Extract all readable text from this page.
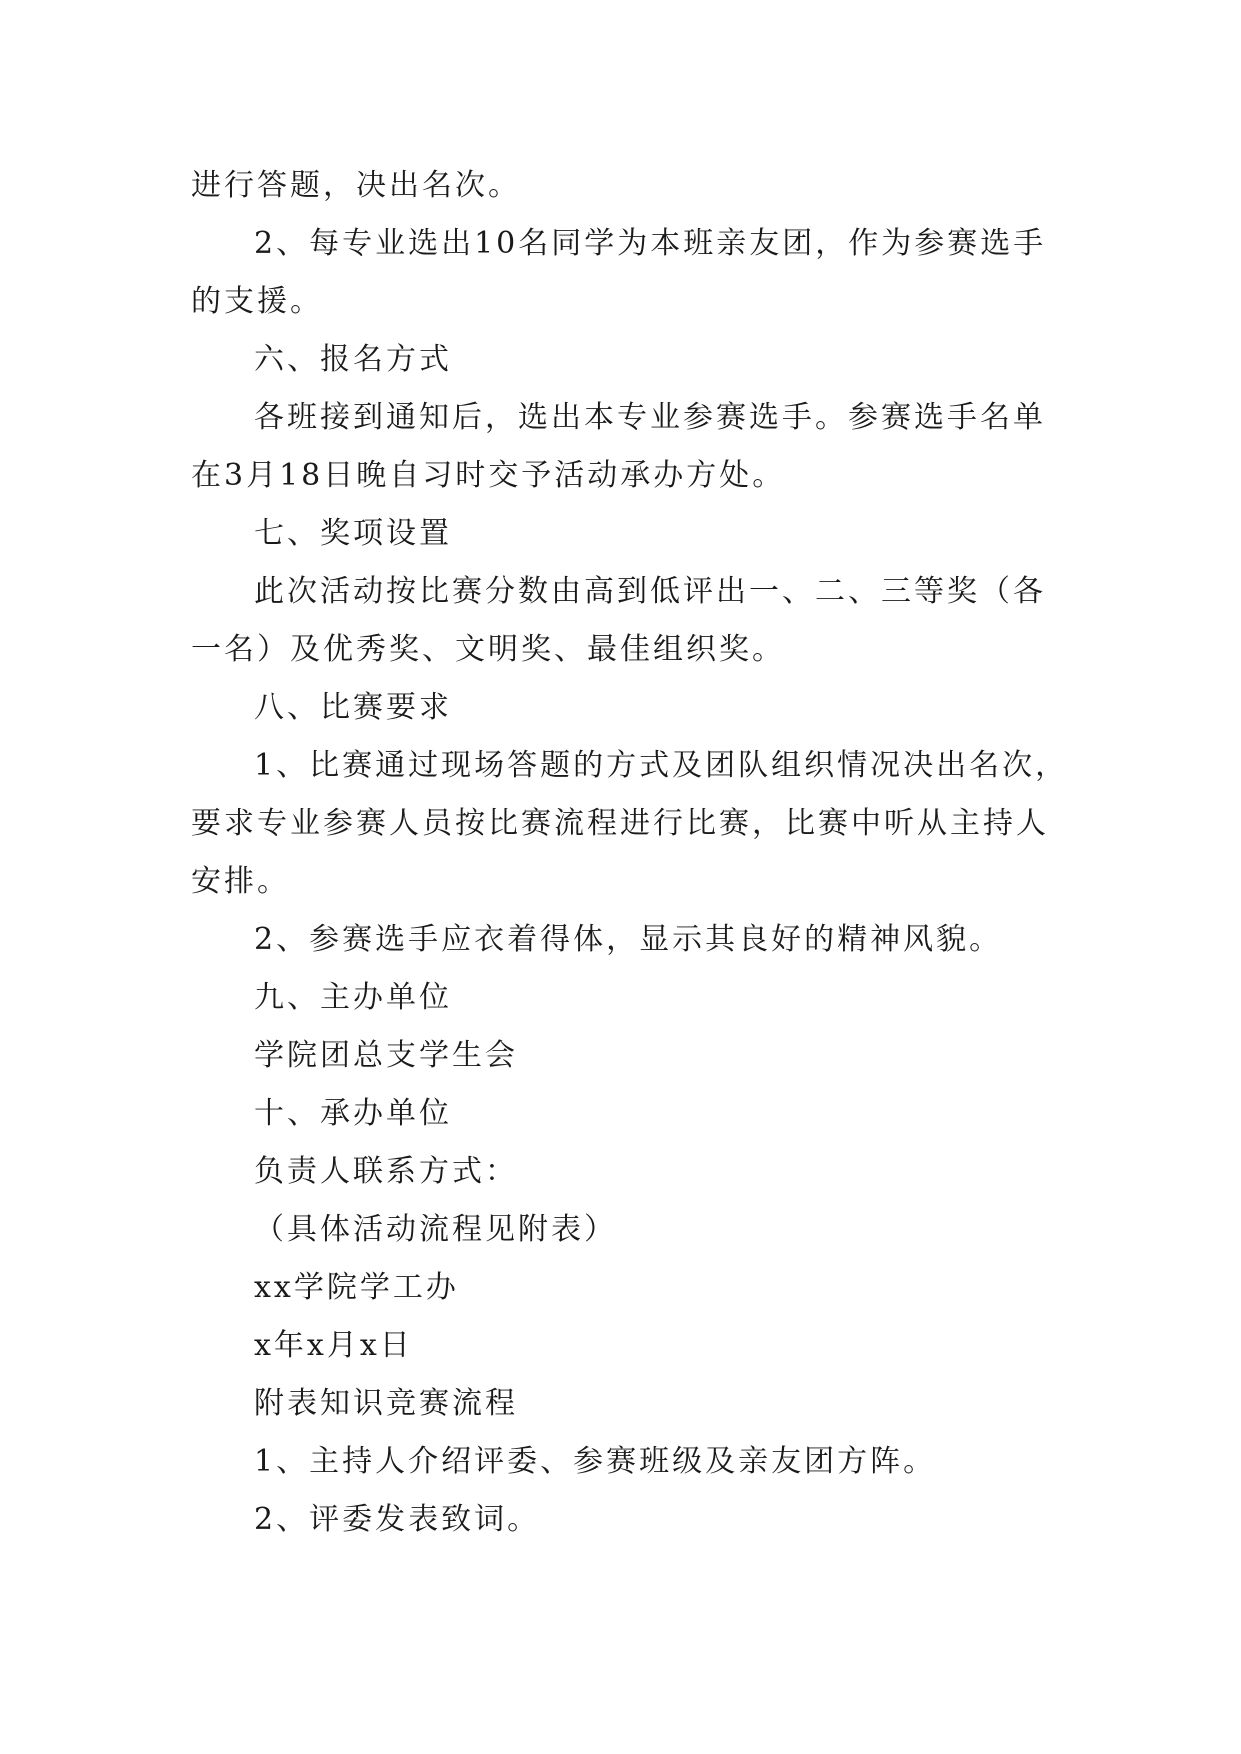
进行答题，决出名次。
2、每专业选出10名同学为本班亲友团，作为参赛选手
的支援。
六、报名方式
各班接到通知后，选出本专业参赛选手。参赛选手名单
在3月18日晚自习时交予活动承办方处。
七、奖项设置
此次活动按比赛分数由高到低评出一、二、三等奖（各
一名）及优秀奖、文明奖、最佳组织奖。
八、比赛要求
1、比赛通过现场答题的方式及团队组织情况决出名次，
要求专业参赛人员按比赛流程进行比赛，比赛中听从主持人
安排。
2、参赛选手应衣着得体，显示其良好的精神风貌。
九、主办单位
学院团总支学生会
十、承办单位
负责人联系方式：
（具体活动流程见附表）
xx学院学工办
x年x月x日
附表知识竞赛流程
1、主持人介绍评委、参赛班级及亲友团方阵。
2、评委发表致词。
